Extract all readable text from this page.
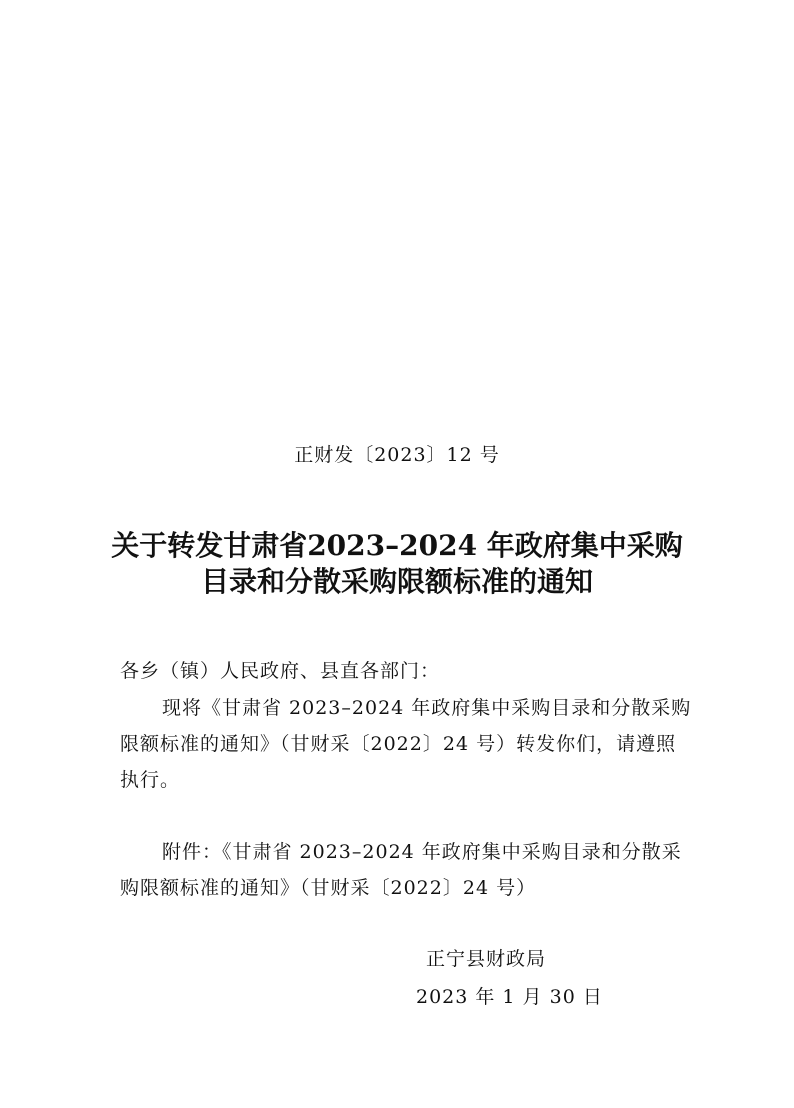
正财发〔2023〕12 号
关于转发甘肃省2023–2024 年政府集中采购
目录和分散采购限额标准的通知
各乡（镇）人民政府、县直各部门：
现将《甘肃省 2023–2024 年政府集中采购目录和分散采购
限额标准的通知》（甘财采〔2022〕24 号）转发你们，请遵照
执行。
附件：《甘肃省 2023–2024 年政府集中采购目录和分散采
购限额标准的通知》（甘财采〔2022〕24 号）
正宁县财政局
2023 年 1 月 30 日
